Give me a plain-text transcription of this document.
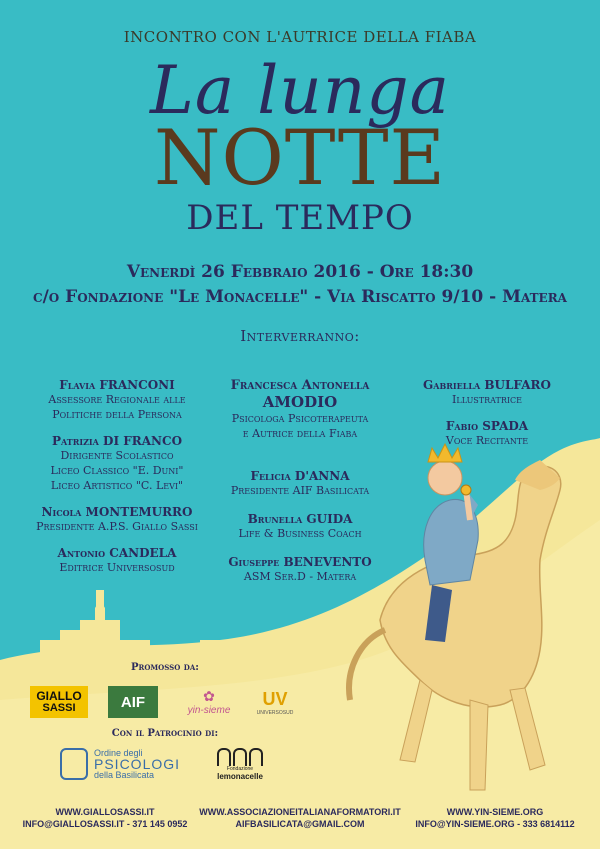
INCONTRO CON L'AUTRICE DELLA FIABA
La lunga
NOTTE
DEL TEMPO
Venerdì 26 Febbraio 2016 - Ore 18:30
c/o Fondazione "Le Monacelle" - Via Riscatto 9/10 - Matera
Interverranno:
Flavia FRANCONI
Assessore Regionale alle
Politiche della Persona
Patrizia DI FRANCO
Dirigente Scolastico
Liceo Classico "E. Duni"
Liceo Artistico "C. Levi"
Nicola MONTEMURRO
Presidente A.P.S. Giallo Sassi
Antonio CANDELA
Editrice Universosud
Francesca Antonella
AMODIO
Psicologa Psicoterapeuta
e Autrice della Fiaba
Felicia D'ANNA
Presidente AIF Basilicata
Brunella GUIDA
Life & Business Coach
Giuseppe BENEVENTO
ASM Ser.D - Matera
Gabriella BULFARO
Illustratrice
Fabio SPADA
Voce Recitante
Promosso da:
GIALLO
SASSI	AIF	✿
yin-sieme
UV
UNIVERSOSUD
Con il Patrocinio di:
Ordine degli
PSICOLOGI
della Basilicata
Fondazione
lemonacelle
WWW.GIALLOSASSI.IT
INFO@GIALLOSASSI.IT - 371 145 0952
WWW.ASSOCIAZIONEITALIANAFORMATORI.IT
AIFBASILICATA@GMAIL.COM
WWW.YIN-SIEME.ORG
INFO@YIN-SIEME.ORG - 333 6814112
